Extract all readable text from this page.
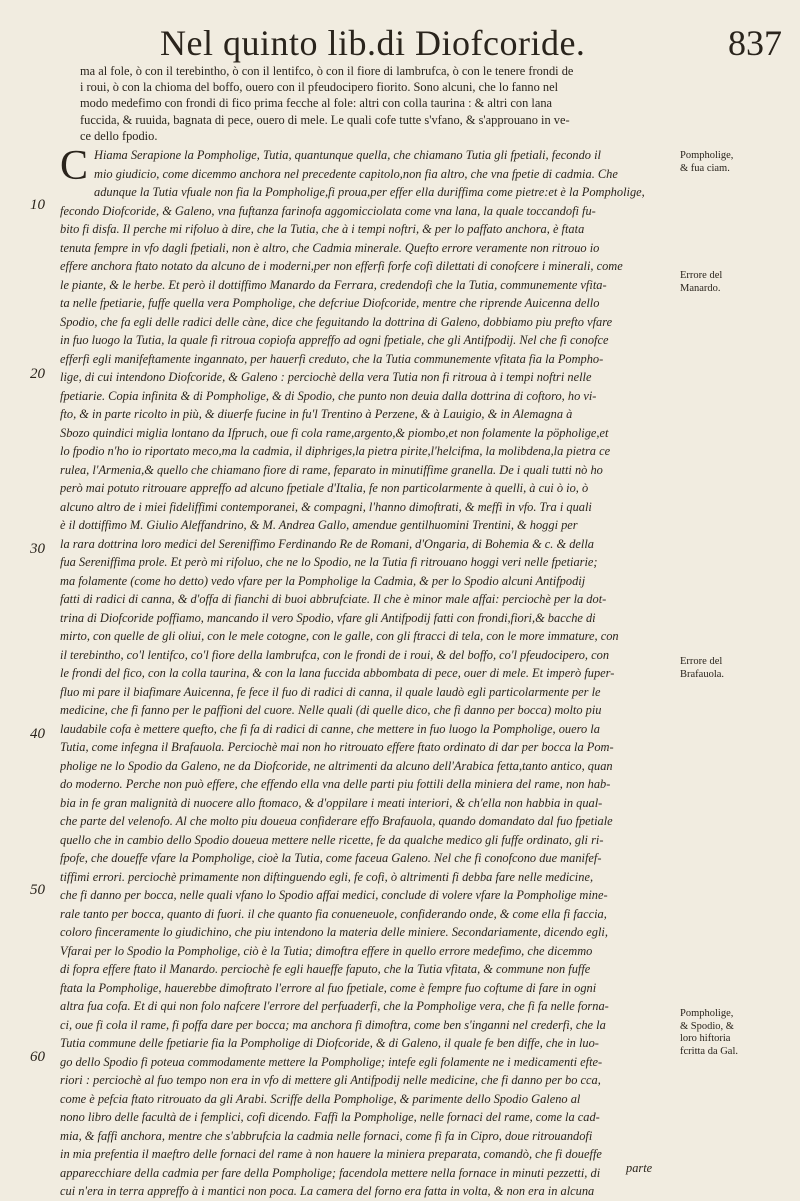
Nel quinto lib.di Diofcoride.	837
ma al fole, ò con il terebintho, ò con il lentifco, ò con il fiore di lambrufca, ò con le tenere frondi de
i roui, ò con la chioma del boffo, ouero con il pfeudocipero fiorito. Sono alcuni, che lo fanno nel
modo medefimo con frondi di fico prima fecche al fole: altri con colla taurina : & altri con lana
fuccida, & ruuida, bagnata di pece, ouero di mele. Le quali cofe tutte s'vfano, & s'approuano in ve-
ce dello fpodio.
C Hiama Serapione la Pompholige, Tutia, quantunque quella, che chiamano Tutia gli fpetiali, fecondo il
mio giudicio, come dicemmo anchora nel precedente capitolo,non fia altro, che vna fpetie di cadmia. Che
adunque la Tutia vfuale non fia la Pompholige,fi proua,per effer ella duriffima come pietre:et è la Pompholige,
fecondo Diofcoride, & Galeno, vna fuftanza farinofa aggomicciolata come vna lana, la quale toccandofi fu-
bito fi disfa. Il perche mi rifoluo à dire, che la Tutia, che à i tempi noftri, & per lo paffato anchora, è ftata
tenuta fempre in vfo dagli fpetiali, non è altro, che Cadmia minerale. Quefto errore veramente non ritrouo io
effere anchora ftato notato da alcuno de i moderni,per non efferfi forfe cofi dilettati di conofcere i minerali, come
le piante, & le herbe. Et però il dottiffimo Manardo da Ferrara, credendofi che la Tutia, communemente vfita-
ta nelle fpetiarie, fuffe quella vera Pompholige, che defcriue Diofcoride, mentre che riprende Auicenna dello
Spodio, che fa egli delle radici delle càne, dice che feguitando la dottrina di Galeno, dobbiamo piu prefto vfare
in fuo luogo la Tutia, la quale fi ritroua copiofa appreffo ad ogni fpetiale, che gli Antifpodij. Nel che fi conofce
efferfi egli manifeftamente ingannato, per hauerfi creduto, che la Tutia communemente vfitata fia la Pompho-
lige, di cui intendono Diofcoride, & Galeno : perciochè della vera Tutia non fi ritroua à i tempi noftri nelle
fpetiarie. Copia infinita & di Pompholige, & di Spodio, che punto non deuia dalla dottrina di coftoro, ho vi-
fto, & in parte ricolto in più, & diuerfe fucine in fu'l Trentino à Perzene, & à Lauigio, & in Alemagna à
Sbozo quindici miglia lontano da Ifpruch, oue fi cola rame,argento,& piombo,et non folamente la pöpholige,et
lo fpodio n'ho io riportato meco,ma la cadmia, il diphriges,la pietra pirite,l'helcifma, la molibdena,la pietra ce
rulea, l'Armenia,& quello che chiamano fiore di rame, feparato in minutiffime granella. De i quali tutti nò ho
però mai potuto ritrouare appreffo ad alcuno fpetiale d'Italia, fe non particolarmente à quelli, à cui ò io, ò
alcuno altro de i miei fideliffimi contemporanei, & compagni, l'hanno dimoftrati, & meffi in vfo. Tra i quali
è il dottiffimo M. Giulio Aleffandrino, & M. Andrea Gallo, amendue gentilhuomini Trentini, & hoggi per
la rara dottrina loro medici del Sereniffimo Ferdinando Re de Romani, d'Ongaria, di Bohemia & c. & della
fua Sereniffima prole. Et però mi rifoluo, che ne lo Spodio, ne la Tutia fi ritrouano hoggi veri nelle fpetiarie;
ma folamente (come ho detto) vedo vfare per la Pompholige la Cadmia, & per lo Spodio alcuni Antifpodij
fatti di radici di canna, & d'offa di fianchi di buoi abbrufciate. Il che è minor male affai: perciochè per la dot-
trina di Diofcoride poffiamo, mancando il vero Spodio, vfare gli Antifpodij fatti con frondi,fiori,& bacche di
mirto, con quelle de gli oliui, con le mele cotogne, con le galle, con gli ftracci di tela, con le more immature, con
il terebintho, co'l lentifco, co'l fiore della lambrufca, con le frondi de i roui, & del boffo, co'l pfeudocipero, con
le frondi del fico, con la colla taurina, & con la lana fuccida abbombata di pece, ouer di mele. Et imperò fuper-
fluo mi pare il biafimare Auicenna, fe fece il fuo di radici di canna, il quale laudò egli particolarmente per le
medicine, che fi fanno per le paffioni del cuore. Nelle quali (di quelle dico, che fi danno per bocca) molto piu
laudabile cofa è mettere quefto, che fi fa di radici di canne, che mettere in fuo luogo la Pompholige, ouero la
Tutia, come infegna il Brafauola. Perciochè mai non ho ritrouato effere ftato ordinato di dar per bocca la Pom-
pholige ne lo Spodio da Galeno, ne da Diofcoride, ne altrimenti da alcuno dell'Arabica fetta,tanto antico, quan
do moderno. Perche non può effere, che effendo ella vna delle parti piu fottili della miniera del rame, non hab-
bia in fe gran malignità di nuocere allo ftomaco, & d'oppilare i meati interiori, & ch'ella non habbia in qual-
che parte del velenofo. Al che molto piu doueua confiderare effo Brafauola, quando domandato dal fuo fpetiale
quello che in cambio dello Spodio doueua mettere nelle ricette, fe da qualche medico gli fuffe ordinato, gli ri-
fpofe, che doueffe vfare la Pompholige, cioè la Tutia, come faceua Galeno. Nel che fi conofcono due manifef-
tiffimi errori. perciochè primamente non diftinguendo egli, fe cofi, ò altrimenti fi debba fare nelle medicine,
che fi danno per bocca, nelle quali vfano lo Spodio affai medici, conclude di volere vfare la Pompholige mine-
rale tanto per bocca, quanto di fuori. il che quanto fia conueneuole, confiderando onde, & come ella fi faccia,
coloro finceramente lo giudichino, che piu intendono la materia delle miniere. Secondariamente, dicendo egli,
Vfarai per lo Spodio la Pompholige, ciò è la Tutia; dimoftra effere in quello errore medefimo, che dicemmo
di fopra effere ftato il Manardo. perciochè fe egli haueffe faputo, che la Tutia vfitata, & commune non fuffe
ftata la Pompholige, hauerebbe dimoftrato l'errore al fuo fpetiale, come è fempre fuo coftume di fare in ogni
altra fua cofa. Et di qui non folo nafcere l'errore del perfuaderfi, che la Pompholige vera, che fi fa nelle forna-
ci, oue fi cola il rame, fi poffa dare per bocca; ma anchora fi dimoftra, come ben s'inganni nel crederfi, che la
Tutia commune delle fpetiarie fia la Pompholige di Diofcoride, & di Galeno, il quale fe ben diffe, che in luo-
go dello Spodio fi poteua commodamente mettere la Pompholige; intefe egli folamente ne i medicamenti efte-
riori : perciochè al fuo tempo non era in vfo di mettere gli Antifpodij nelle medicine, che fi danno per bo cca,
come è pefcia ftato ritrouato da gli Arabi. Scriffe della Pompholige, & parimente dello Spodio Galeno al
nono libro delle facultà de i femplici, cofi dicendo. Faffi la Pompholige, nelle fornaci del rame, come la cad-
mia, & faffi anchora, mentre che s'abbrufcia la cadmia nelle fornaci, come fi fa in Cipro, doue ritrouandofi
in mia prefentia il maeftro delle fornaci del rame à non hauere la miniera preparata, comandò, che fi doueffe
apparecchiare della cadmia per fare della Pompholige; facendola mettere nella fornace in minuti pezzetti, di
cui n'era in terra appreffo à i mantici non poca. La camera del forno era fatta in volta, & non era in alcuna
10
20
30
40
50
60
Pompholige, & fua ciam.
Errore del Manardo.
Errore del Brafauola.
Pompholige, & Spodio, & loro hiftoria fcritta da Gal.
parte
